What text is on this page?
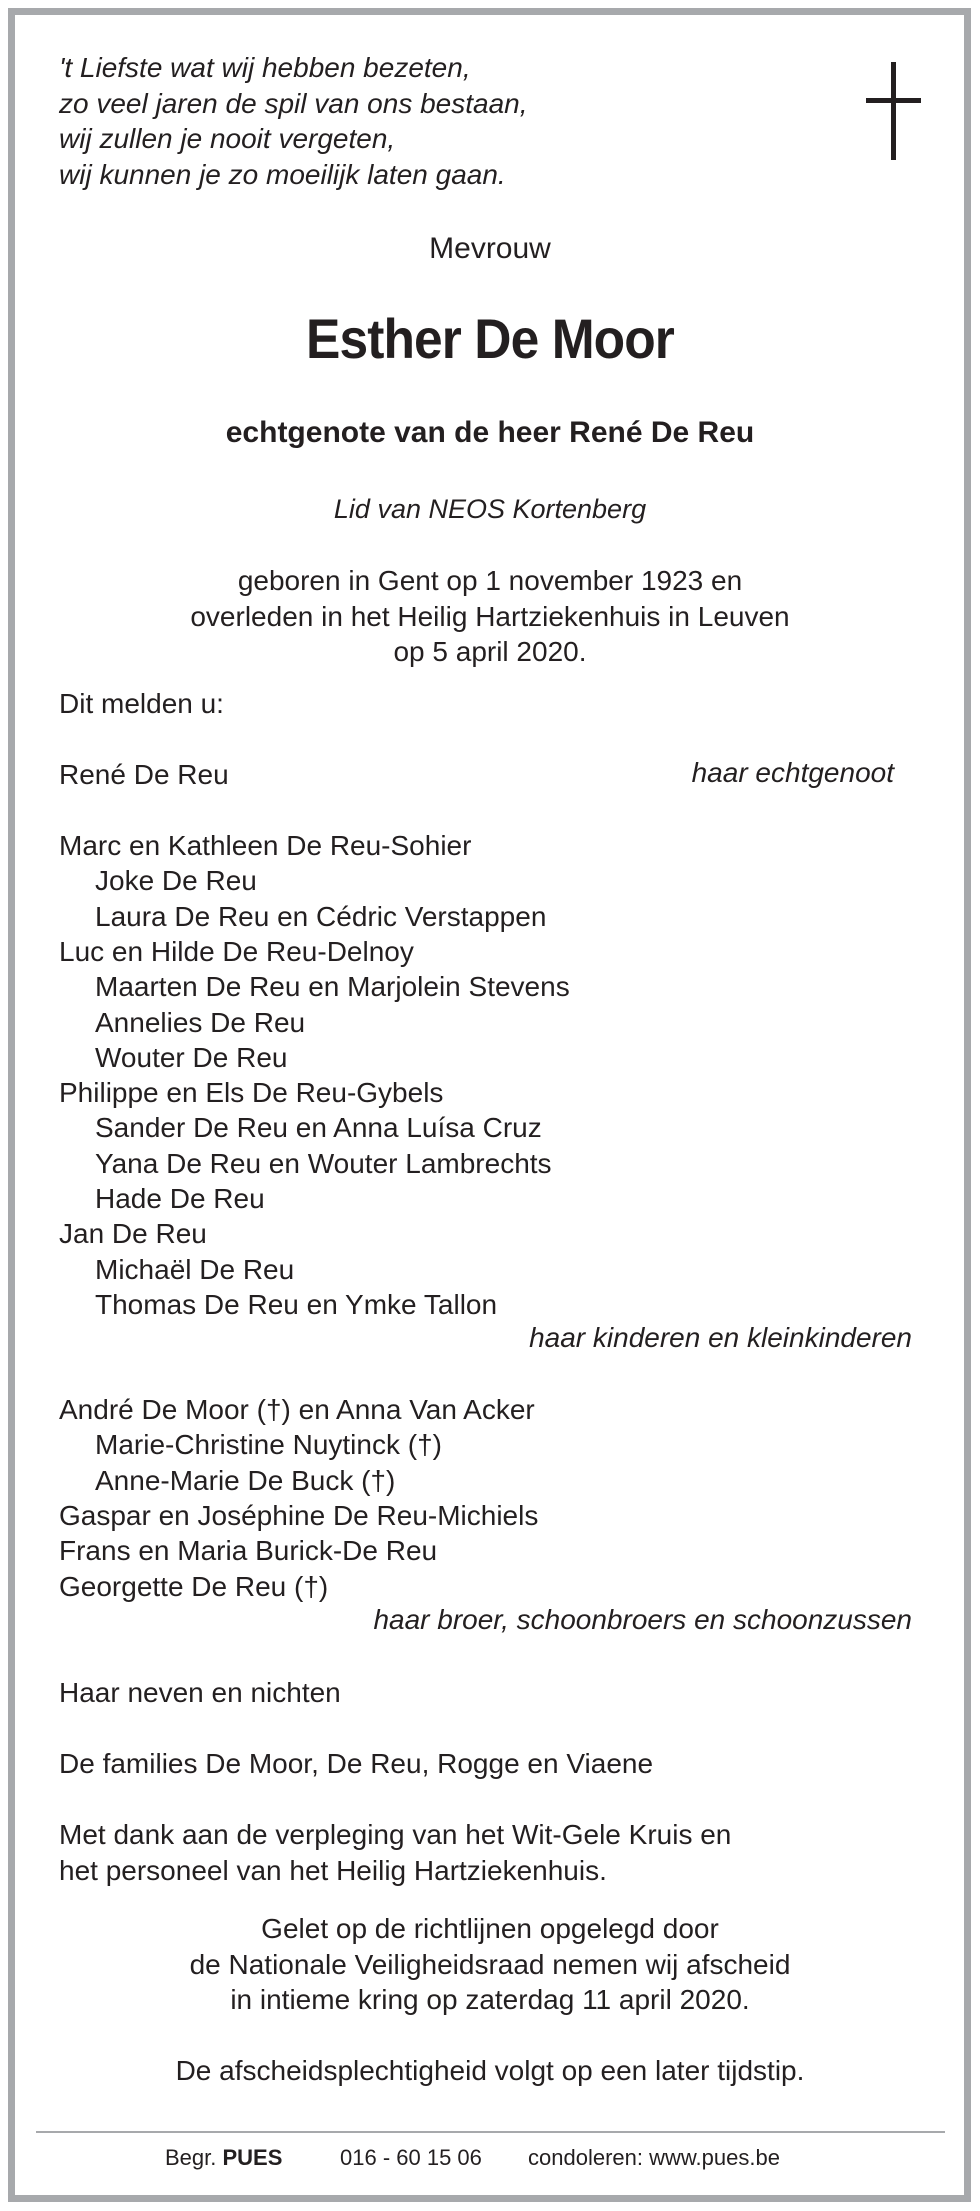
't Liefste wat wij hebben bezeten,
zo veel jaren de spil van ons bestaan,
wij zullen je nooit vergeten,
wij kunnen je zo moeilijk laten gaan.
Mevrouw
Esther De Moor
echtgenote van de heer René De Reu
Lid van NEOS Kortenberg
geboren in Gent op 1 november 1923 en
overleden in het Heilig Hartziekenhuis in Leuven
op 5 april 2020.
Dit melden u:
René De Reu	haar echtgenoot
Marc en Kathleen De Reu-Sohier
Joke De Reu
Laura De Reu en Cédric Verstappen
Luc en Hilde De Reu-Delnoy
Maarten De Reu en Marjolein Stevens
Annelies De Reu
Wouter De Reu
Philippe en Els De Reu-Gybels
Sander De Reu en Anna Luísa Cruz
Yana De Reu en Wouter Lambrechts
Hade De Reu
Jan De Reu
Michaël De Reu
Thomas De Reu en Ymke Tallon
haar kinderen en kleinkinderen
André De Moor (†) en Anna Van Acker
Marie-Christine Nuytinck (†)
Anne-Marie De Buck (†)
Gaspar en Joséphine De Reu-Michiels
Frans en Maria Burick-De Reu
Georgette De Reu (†)
haar broer, schoonbroers en schoonzussen
Haar neven en nichten
De families De Moor, De Reu, Rogge en Viaene
Met dank aan de verpleging van het Wit-Gele Kruis en
het personeel van het Heilig Hartziekenhuis.
Gelet op de richtlijnen opgelegd door
de Nationale Veiligheidsraad nemen wij afscheid
in intieme kring op zaterdag 11 april 2020.
De afscheidsplechtigheid volgt op een later tijdstip.
Begr. PUES	016 - 60 15 06 condoleren: www.pues.be
